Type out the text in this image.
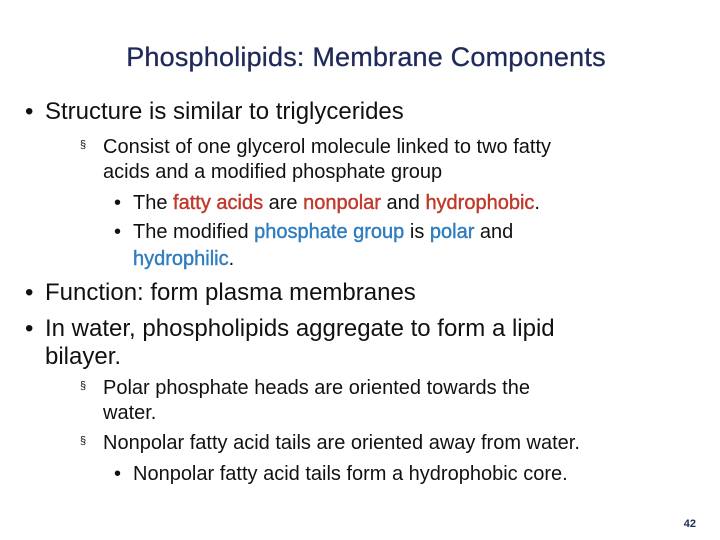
Phospholipids: Membrane Components
• Structure is similar to triglycerides
§ Consist of one glycerol molecule linked to two fatty
acids and a modified phosphate group
• The fatty acids are nonpolar and hydrophobic.
• The modified phosphate group is polar and
hydrophilic.
• Function: form plasma membranes
• In water, phospholipids aggregate to form a lipid
bilayer.
§ Polar phosphate heads are oriented towards the
water.
§ Nonpolar fatty acid tails are oriented away from water.
• Nonpolar fatty acid tails form a hydrophobic core.
42
